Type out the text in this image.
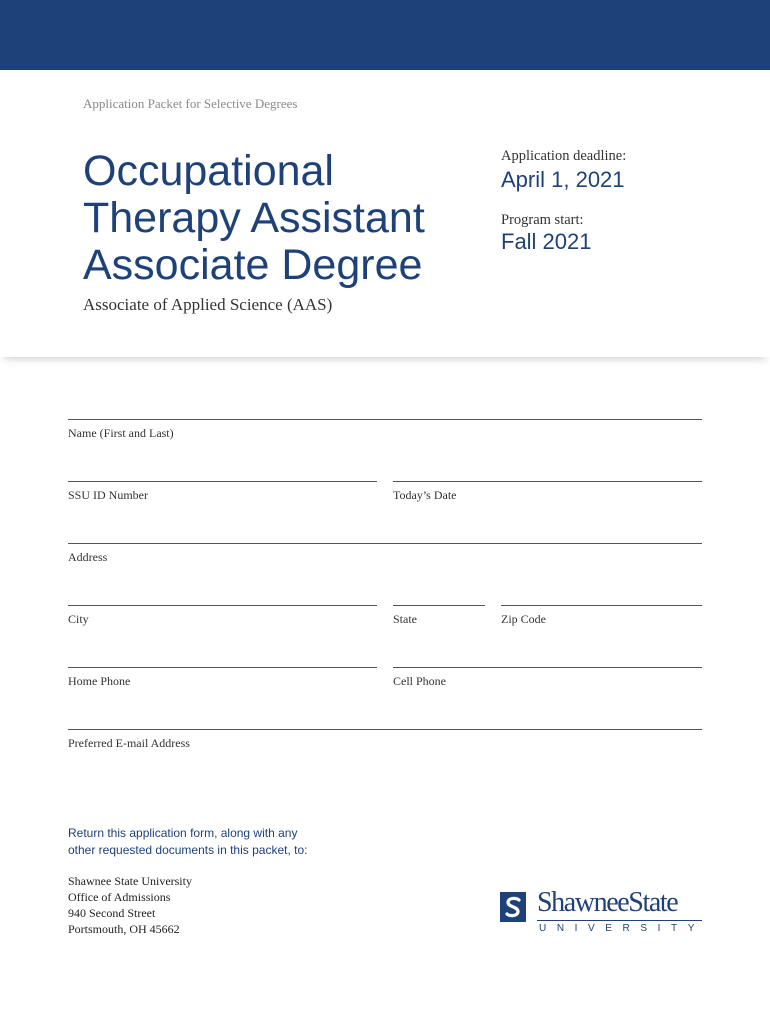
Application Packet for Selective Degrees
Occupational
Therapy Assistant
Associate Degree
Associate of Applied Science (AAS)
Application deadline:
April 1, 2021
Program start:
Fall 2021
Name (First and Last)
SSU ID Number	Today’s Date
Address
City	State	Zip Code
Home Phone	Cell Phone
Preferred E-mail Address
Return this application form, along with any
other requested documents in this packet, to:
Shawnee State University
Office of Admissions
940 Second Street
Portsmouth, OH 45662
ShawneeState
UNIVERSITY
